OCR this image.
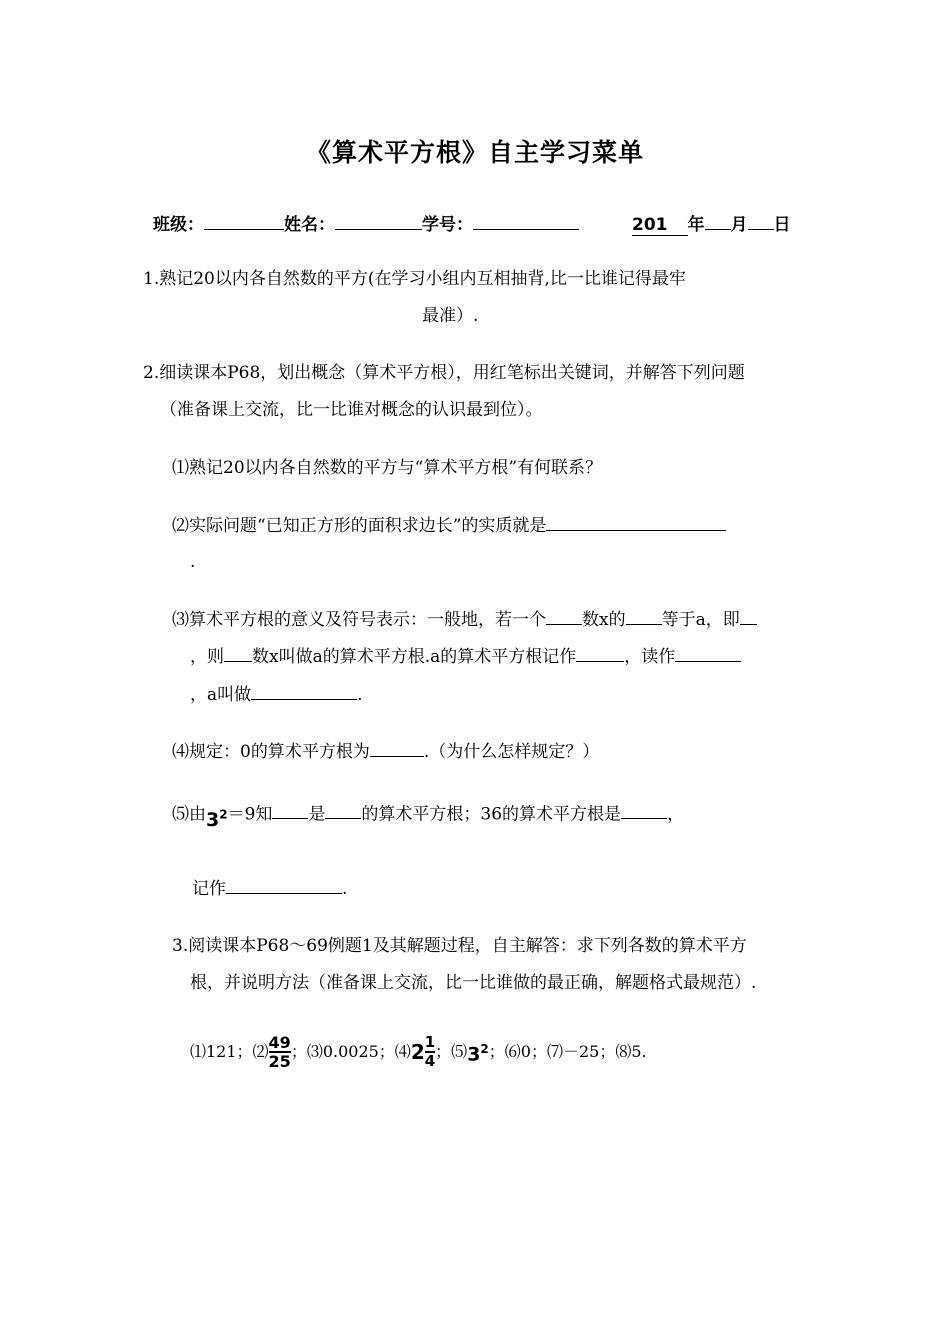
《算术平方根》自主学习菜单
班级：	姓名：	学号：	201 年 月 日
1.熟记20以内各自然数的平方(在学习小组内互相抽背,比一比谁记得最牢
最准）.
2.细读课本P68，划出概念（算术平方根），用红笔标出关键词，并解答下列问题
（准备课上交流，比一比谁对概念的认识最到位）。
⑴熟记20以内各自然数的平方与“算术平方根”有何联系？
⑵实际问题“已知正方形的面积求边长”的实质就是
.
⑶算术平方根的意义及符号表示：一般地，若一个 数x的 等于a，即
，则 数x叫做a的算术平方根.a的算术平方根记作	，读作
，a叫做	.
⑷规定：0的算术平方根为	.（为什么怎样规定？）
⑸由$3^2=9$知 是 的算术平方根；36的算术平方根是	，
记作	.
3.阅读课本P68～69例题1及其解题过程，自主解答：求下列各数的算术平方
根，并说明方法（准备课上交流，比一比谁做的最正确，解题格式最规范）.
⑴121；⑵ $\frac{49}{25}$ ；⑶0.0025；⑷ $2 \frac{1}{4}$ ；⑸ $3^2$ ；⑹0；⑺－25；⑻5.
